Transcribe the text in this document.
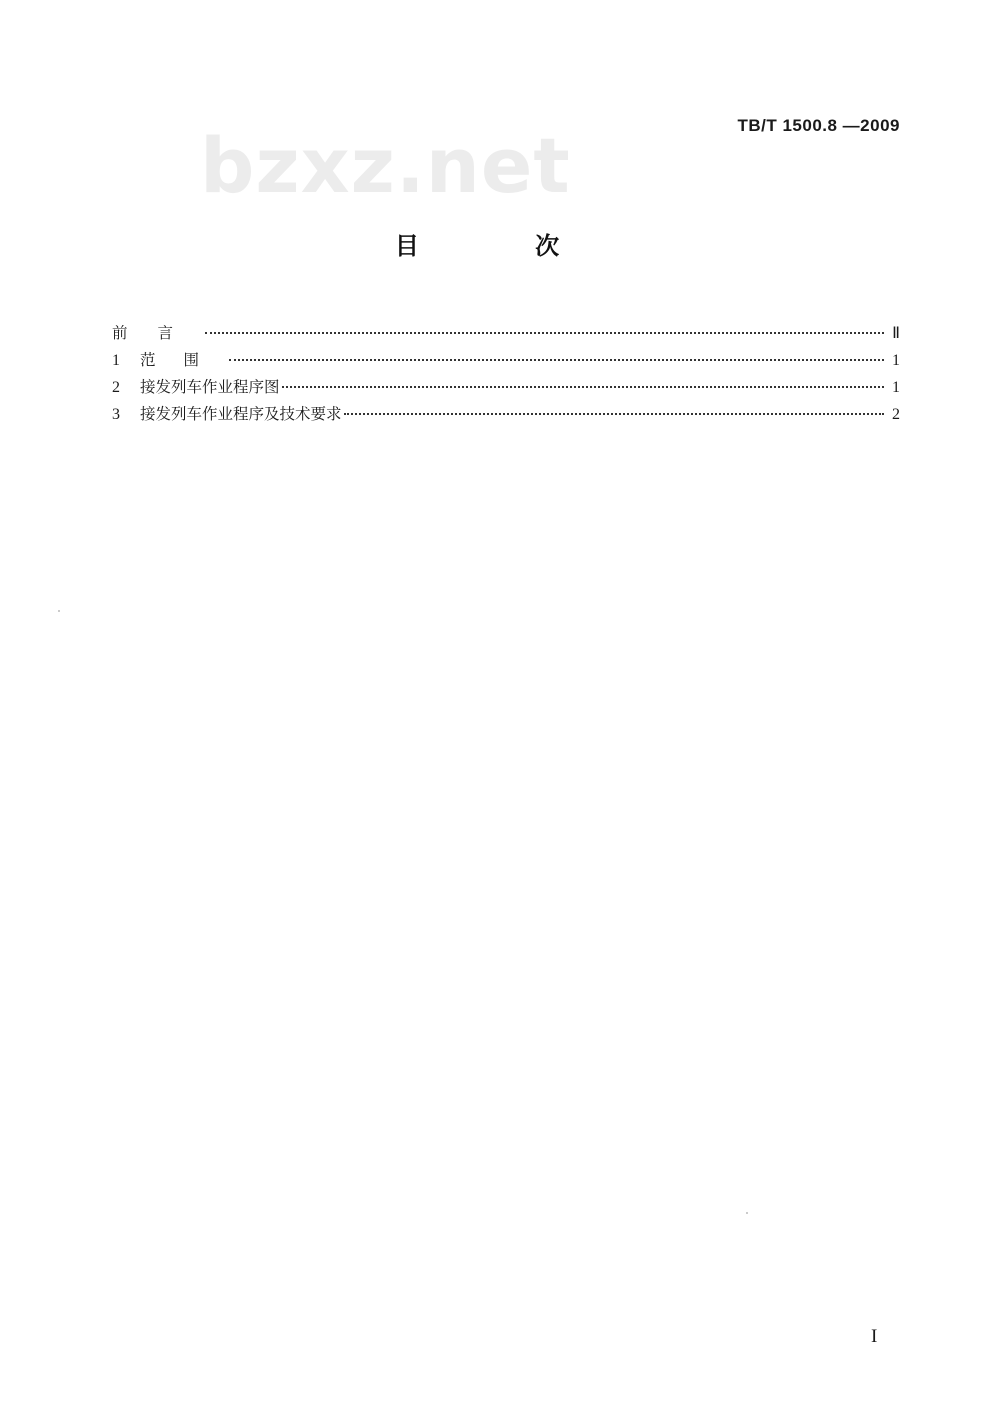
TB/T 1500.8 —2009
bzxz.net
目 次
前言	Ⅱ
1	范围	1
2	接发列车作业程序图	1
3	接发列车作业程序及技术要求	2
I
